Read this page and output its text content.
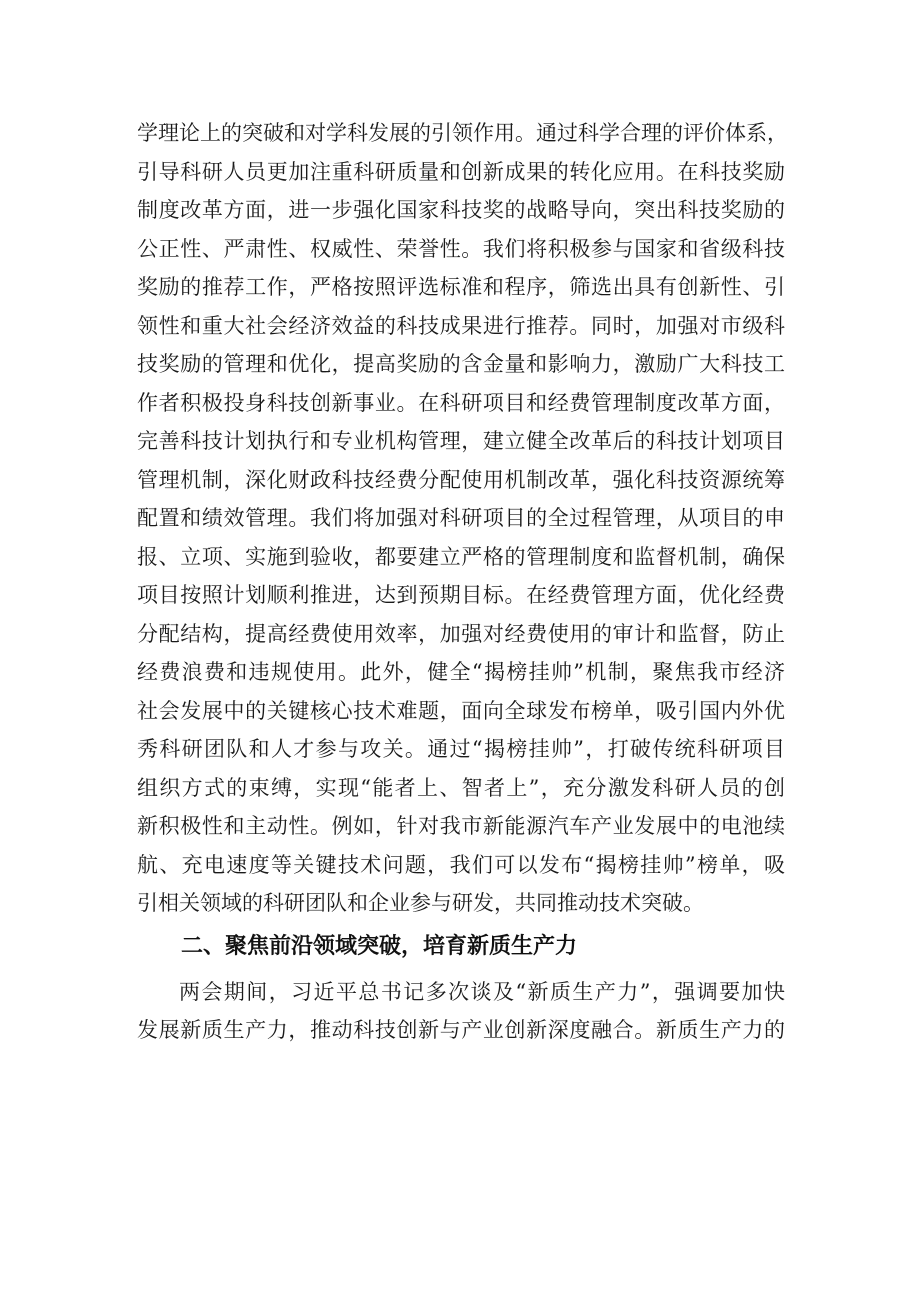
学理论上的突破和对学科发展的引领作用。通过科学合理的评价体系，
引导科研人员更加注重科研质量和创新成果的转化应用。在科技奖励
制度改革方面，进一步强化国家科技奖的战略导向，突出科技奖励的
公正性、严肃性、权威性、荣誉性。我们将积极参与国家和省级科技
奖励的推荐工作，严格按照评选标准和程序，筛选出具有创新性、引
领性和重大社会经济效益的科技成果进行推荐。同时，加强对市级科
技奖励的管理和优化，提高奖励的含金量和影响力，激励广大科技工
作者积极投身科技创新事业。在科研项目和经费管理制度改革方面，
完善科技计划执行和专业机构管理，建立健全改革后的科技计划项目
管理机制，深化财政科技经费分配使用机制改革，强化科技资源统筹
配置和绩效管理。我们将加强对科研项目的全过程管理，从项目的申
报、立项、实施到验收，都要建立严格的管理制度和监督机制，确保
项目按照计划顺利推进，达到预期目标。在经费管理方面，优化经费
分配结构，提高经费使用效率，加强对经费使用的审计和监督，防止
经费浪费和违规使用。此外，健全“揭榜挂帅”机制，聚焦我市经济
社会发展中的关键核心技术难题，面向全球发布榜单，吸引国内外优
秀科研团队和人才参与攻关。通过“揭榜挂帅”，打破传统科研项目
组织方式的束缚，实现“能者上、智者上”，充分激发科研人员的创
新积极性和主动性。例如，针对我市新能源汽车产业发展中的电池续
航、充电速度等关键技术问题，我们可以发布“揭榜挂帅”榜单，吸
引相关领域的科研团队和企业参与研发，共同推动技术突破。
二、聚焦前沿领域突破，培育新质生产力
两会期间，习近平总书记多次谈及“新质生产力”，强调要加快
发展新质生产力，推动科技创新与产业创新深度融合。新质生产力的
